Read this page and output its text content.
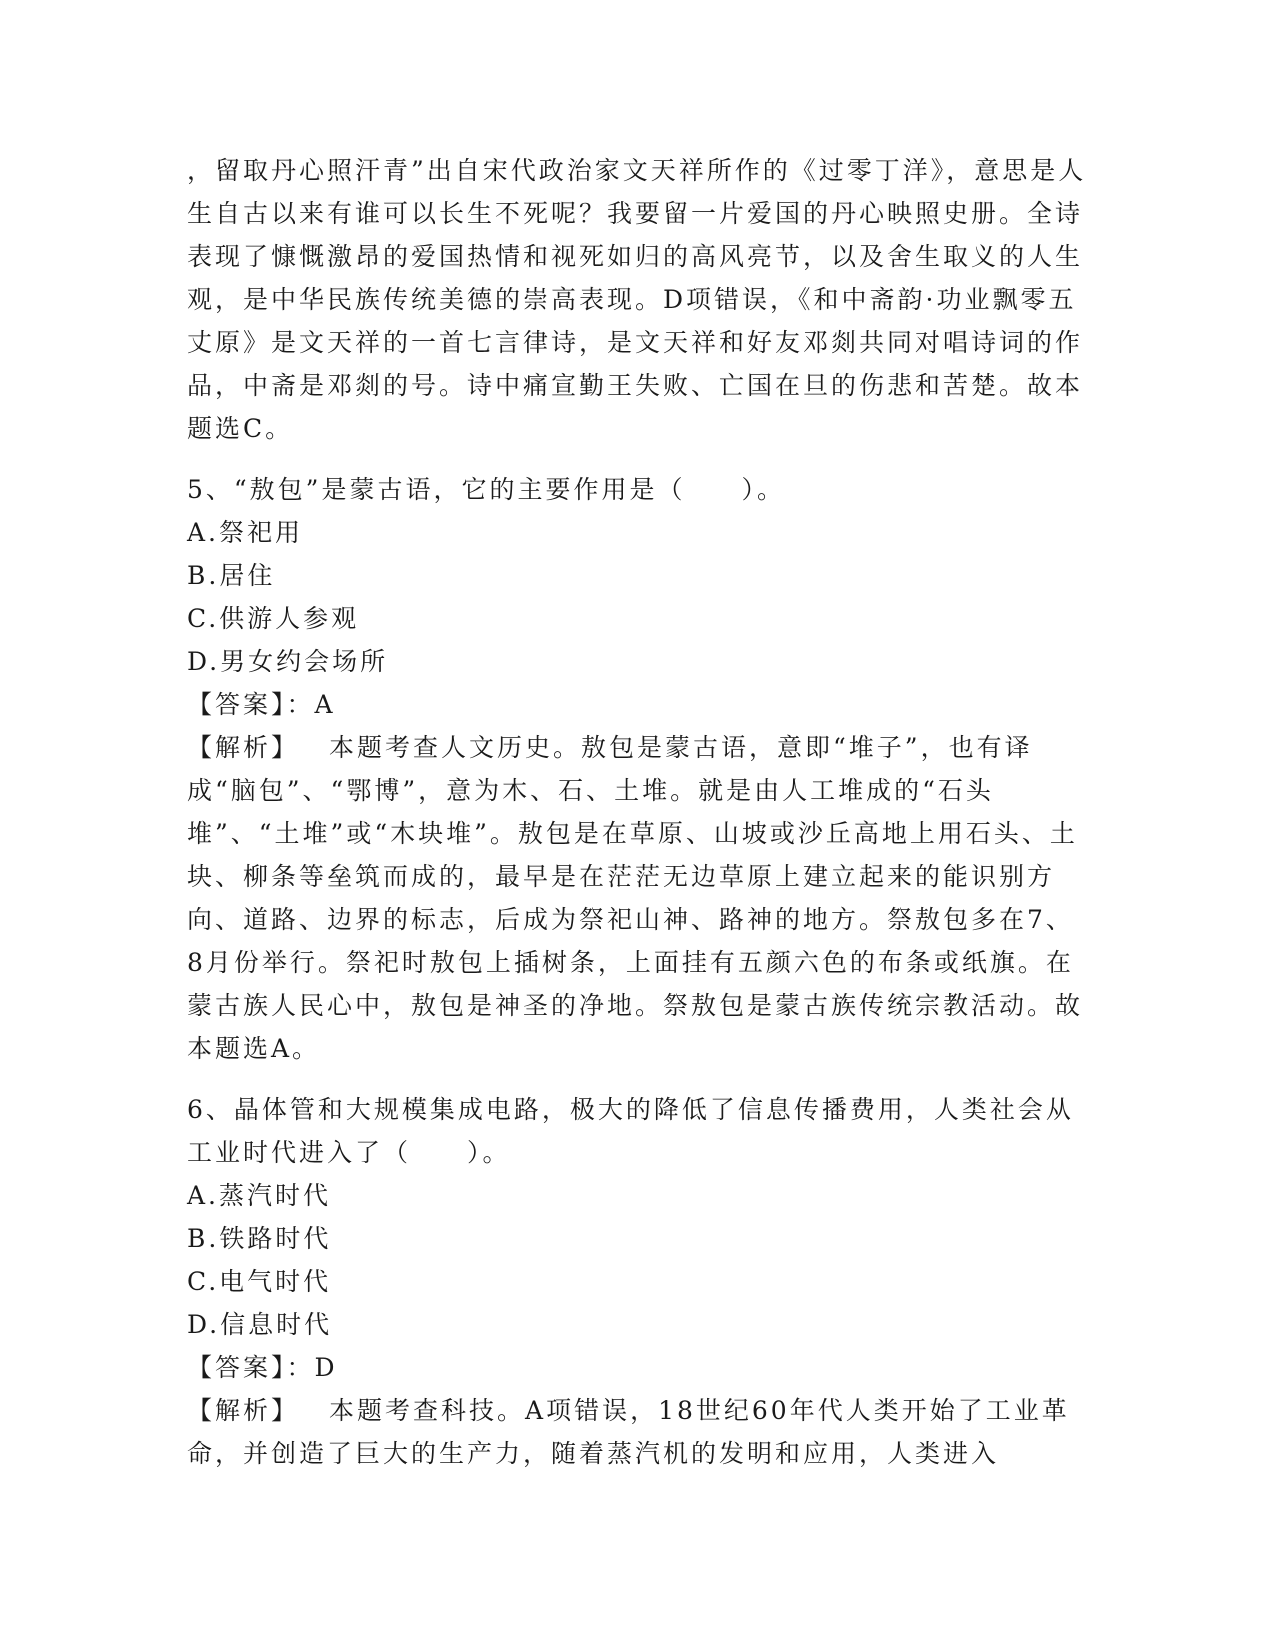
，留取丹心照汗青”出自宋代政治家文天祥所作的《过零丁洋》，意思是人生自古以来有谁可以长生不死呢？我要留一片爱国的丹心映照史册。全诗表现了慷慨激昂的爱国热情和视死如归的高风亮节，以及舍生取义的人生观，是中华民族传统美德的崇高表现。D项错误，《和中斋韵·功业飘零五丈原》是文天祥的一首七言律诗，是文天祥和好友邓剡共同对唱诗词的作品，中斋是邓剡的号。诗中痛宣勤王失败、亡国在旦的伤悲和苦楚。故本题选C。

5、“敖包”是蒙古语，它的主要作用是（　　）。

A.祭祀用

B.居住

C.供游人参观

D.男女约会场所

【答案】：A

【解析】 本题考查人文历史。敖包是蒙古语，意即“堆子”，也有译成“脑包”、“鄂博”，意为木、石、土堆。就是由人工堆成的“石头堆”、“土堆”或“木块堆”。敖包是在草原、山坡或沙丘高地上用石头、土块、柳条等垒筑而成的，最早是在茫茫无边草原上建立起来的能识别方向、道路、边界的标志，后成为祭祀山神、路神的地方。祭敖包多在7、8月份举行。祭祀时敖包上插树条，上面挂有五颜六色的布条或纸旗。在蒙古族人民心中，敖包是神圣的净地。祭敖包是蒙古族传统宗教活动。故本题选A。

6、晶体管和大规模集成电路，极大的降低了信息传播费用，人类社会从工业时代进入了（　　）。

A.蒸汽时代

B.铁路时代

C.电气时代

D.信息时代

【答案】：D

【解析】 本题考查科技。A项错误，18世纪60年代人类开始了工业革命，并创造了巨大的生产力，随着蒸汽机的发明和应用，人类进入
